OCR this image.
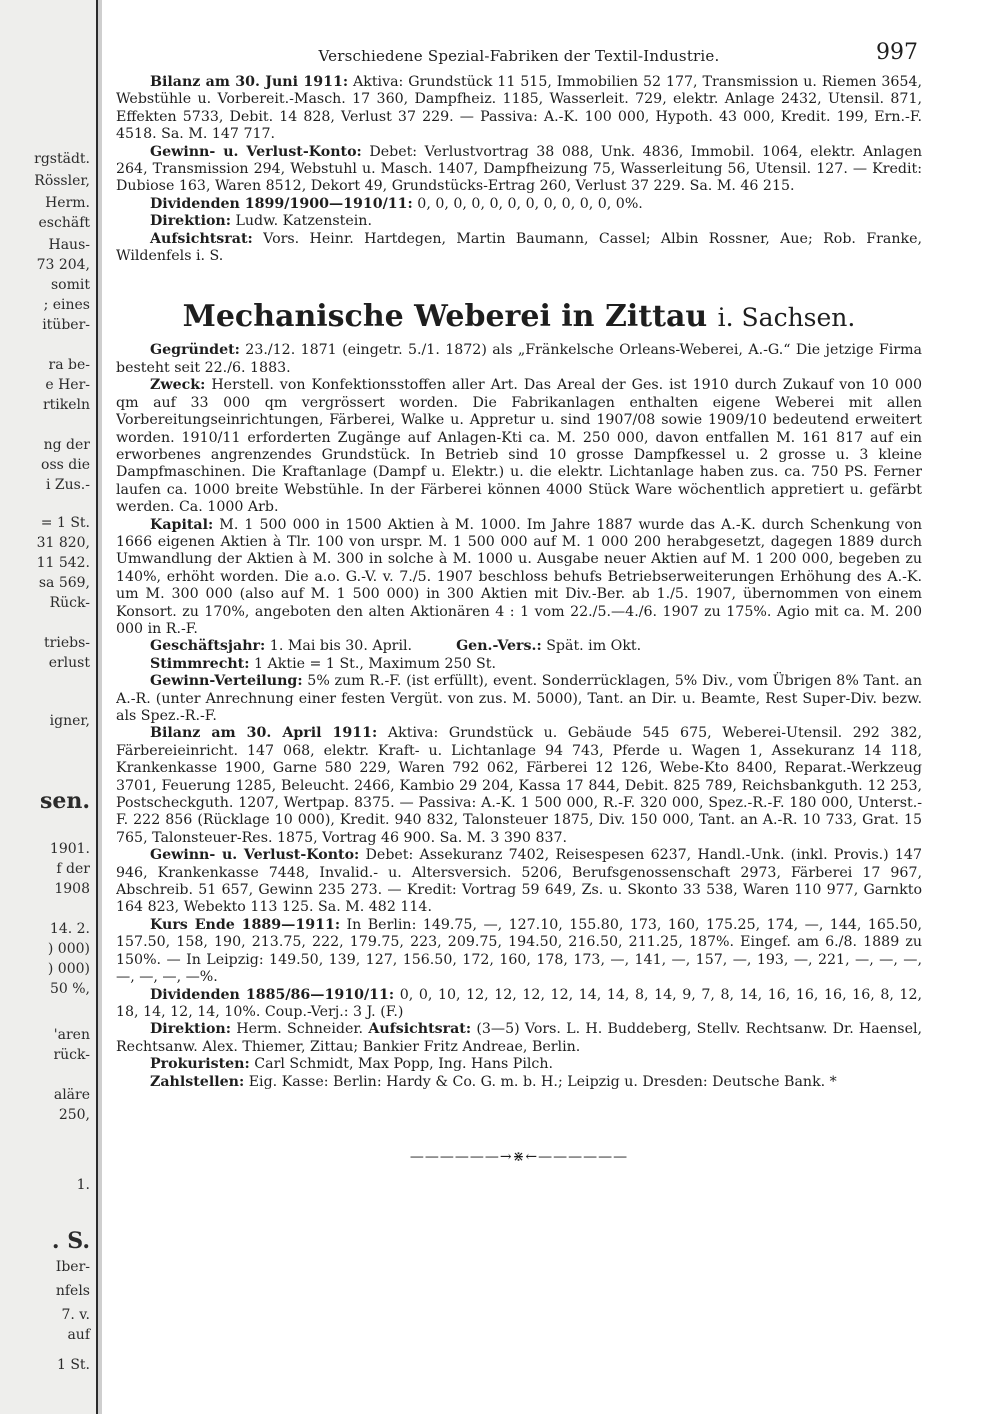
rgstädt.
Rössler,
Herm.
eschäft
Haus-
73 204,
somit
; eines
itüber-
ra be-
e Her-
rtikeln
ng der
oss die
i Zus.-
= 1 St.
31 820,
11 542.
sa 569,
Rück-
triebs-
erlust
igner,
sen.
1901.
f der
1908
14. 2.
) 000)
) 000)
50 %,
'aren
rück-
aläre
250,
1.
. S.
Iber-
nfels
7. v.
auf
1 St.
Verschiedene Spezial-Fabriken der Textil-Industrie.	997

Bilanz am 30. Juni 1911: Aktiva: Grundstück 11 515, Immobilien 52 177, Transmission u. Riemen 3654, Webstühle u. Vorbereit.-Masch. 17 360, Dampfheiz. 1185, Wasserleit. 729, elektr. Anlage 2432, Utensil. 871, Effekten 5733, Debit. 14 828, Verlust 37 229. — Passiva: A.-K. 100 000, Hypoth. 43 000, Kredit. 199, Ern.-F. 4518. Sa. M. 147 717.

Gewinn- u. Verlust-Konto: Debet: Verlustvortrag 38 088, Unk. 4836, Immobil. 1064, elektr. Anlagen 264, Transmission 294, Webstuhl u. Masch. 1407, Dampfheizung 75, Wasserleitung 56, Utensil. 127. — Kredit: Dubiose 163, Waren 8512, Dekort 49, Grundstücks-Ertrag 260, Verlust 37 229. Sa. M. 46 215.

Dividenden 1899/1900—1910/11: 0, 0, 0, 0, 0, 0, 0, 0, 0, 0, 0, 0%.

Direktion: Ludw. Katzenstein.

Aufsichtsrat: Vors. Heinr. Hartdegen, Martin Baumann, Cassel; Albin Rossner, Aue; Rob. Franke, Wildenfels i. S.

Mechanische Weberei in Zittau i. Sachsen.

Gegründet: 23./12. 1871 (eingetr. 5./1. 1872) als „Fränkelsche Orleans-Weberei, A.-G.“ Die jetzige Firma besteht seit 22./6. 1883.

Zweck: Herstell. von Konfektionsstoffen aller Art. Das Areal der Ges. ist 1910 durch Zukauf von 10 000 qm auf 33 000 qm vergrössert worden. Die Fabrikanlagen enthalten eigene Weberei mit allen Vorbereitungseinrichtungen, Färberei, Walke u. Appretur u. sind 1907/08 sowie 1909/10 bedeutend erweitert worden. 1910/11 erforderten Zugänge auf Anlagen-Kti ca. M. 250 000, davon entfallen M. 161 817 auf ein erworbenes angrenzendes Grundstück. In Betrieb sind 10 grosse Dampfkessel u. 2 grosse u. 3 kleine Dampfmaschinen. Die Kraftanlage (Dampf u. Elektr.) u. die elektr. Lichtanlage haben zus. ca. 750 PS. Ferner laufen ca. 1000 breite Webstühle. In der Färberei können 4000 Stück Ware wöchentlich appretiert u. gefärbt werden. Ca. 1000 Arb.

Kapital: M. 1 500 000 in 1500 Aktien à M. 1000. Im Jahre 1887 wurde das A.-K. durch Schenkung von 1666 eigenen Aktien à Tlr. 100 von urspr. M. 1 500 000 auf M. 1 000 200 herabgesetzt, dagegen 1889 durch Umwandlung der Aktien à M. 300 in solche à M. 1000 u. Ausgabe neuer Aktien auf M. 1 200 000, begeben zu 140%, erhöht worden. Die a.o. G.-V. v. 7./5. 1907 beschloss behufs Betriebserweiterungen Erhöhung des A.-K. um M. 300 000 (also auf M. 1 500 000) in 300 Aktien mit Div.-Ber. ab 1./5. 1907, übernommen von einem Konsort. zu 170%, angeboten den alten Aktionären 4 : 1 vom 22./5.—4./6. 1907 zu 175%. Agio mit ca. M. 200 000 in R.-F.

Geschäftsjahr: 1. Mai bis 30. April.	Gen.-Vers.: Spät. im Okt.

Stimmrecht: 1 Aktie = 1 St., Maximum 250 St.

Gewinn-Verteilung: 5% zum R.-F. (ist erfüllt), event. Sonderrücklagen, 5% Div., vom Übrigen 8% Tant. an A.-R. (unter Anrechnung einer festen Vergüt. von zus. M. 5000), Tant. an Dir. u. Beamte, Rest Super-Div. bezw. als Spez.-R.-F.

Bilanz am 30. April 1911: Aktiva: Grundstück u. Gebäude 545 675, Weberei-Utensil. 292 382, Färbereieinricht. 147 068, elektr. Kraft- u. Lichtanlage 94 743, Pferde u. Wagen 1, Assekuranz 14 118, Krankenkasse 1900, Garne 580 229, Waren 792 062, Färberei 12 126, Webe-Kto 8400, Reparat.-Werkzeug 3701, Feuerung 1285, Beleucht. 2466, Kambio 29 204, Kassa 17 844, Debit. 825 789, Reichsbankguth. 12 253, Postscheckguth. 1207, Wertpap. 8375. — Passiva: A.-K. 1 500 000, R.-F. 320 000, Spez.-R.-F. 180 000, Unterst.-F. 222 856 (Rücklage 10 000), Kredit. 940 832, Talonsteuer 1875, Div. 150 000, Tant. an A.-R. 10 733, Grat. 15 765, Talonsteuer-Res. 1875, Vortrag 46 900. Sa. M. 3 390 837.

Gewinn- u. Verlust-Konto: Debet: Assekuranz 7402, Reisespesen 6237, Handl.-Unk. (inkl. Provis.) 147 946, Krankenkasse 7448, Invalid.- u. Altersversich. 5206, Berufsgenossenschaft 2973, Färberei 17 967, Abschreib. 51 657, Gewinn 235 273. — Kredit: Vortrag 59 649, Zs. u. Skonto 33 538, Waren 110 977, Garnkto 164 823, Webekto 113 125. Sa. M. 482 114.

Kurs Ende 1889—1911: In Berlin: 149.75, —, 127.10, 155.80, 173, 160, 175.25, 174, —, 144, 165.50, 157.50, 158, 190, 213.75, 222, 179.75, 223, 209.75, 194.50, 216.50, 211.25, 187%. Eingef. am 6./8. 1889 zu 150%. — In Leipzig: 149.50, 139, 127, 156.50, 172, 160, 178, 173, —, 141, —, 157, —, 193, —, 221, —, —, —, —, —, —, —%.

Dividenden 1885/86—1910/11: 0, 0, 10, 12, 12, 12, 12, 14, 14, 8, 14, 9, 7, 8, 14, 16, 16, 16, 16, 8, 12, 18, 14, 12, 14, 10%. Coup.-Verj.: 3 J. (F.)

Direktion: Herm. Schneider. Aufsichtsrat: (3—5) Vors. L. H. Buddeberg, Stellv. Rechtsanw. Dr. Haensel, Rechtsanw. Alex. Thiemer, Zittau; Bankier Fritz Andreae, Berlin.

Prokuristen: Carl Schmidt, Max Popp, Ing. Hans Pilch.

Zahlstellen: Eig. Kasse: Berlin: Hardy & Co. G. m. b. H.; Leipzig u. Dresden: Deutsche Bank. *

——————→⋇←——————
